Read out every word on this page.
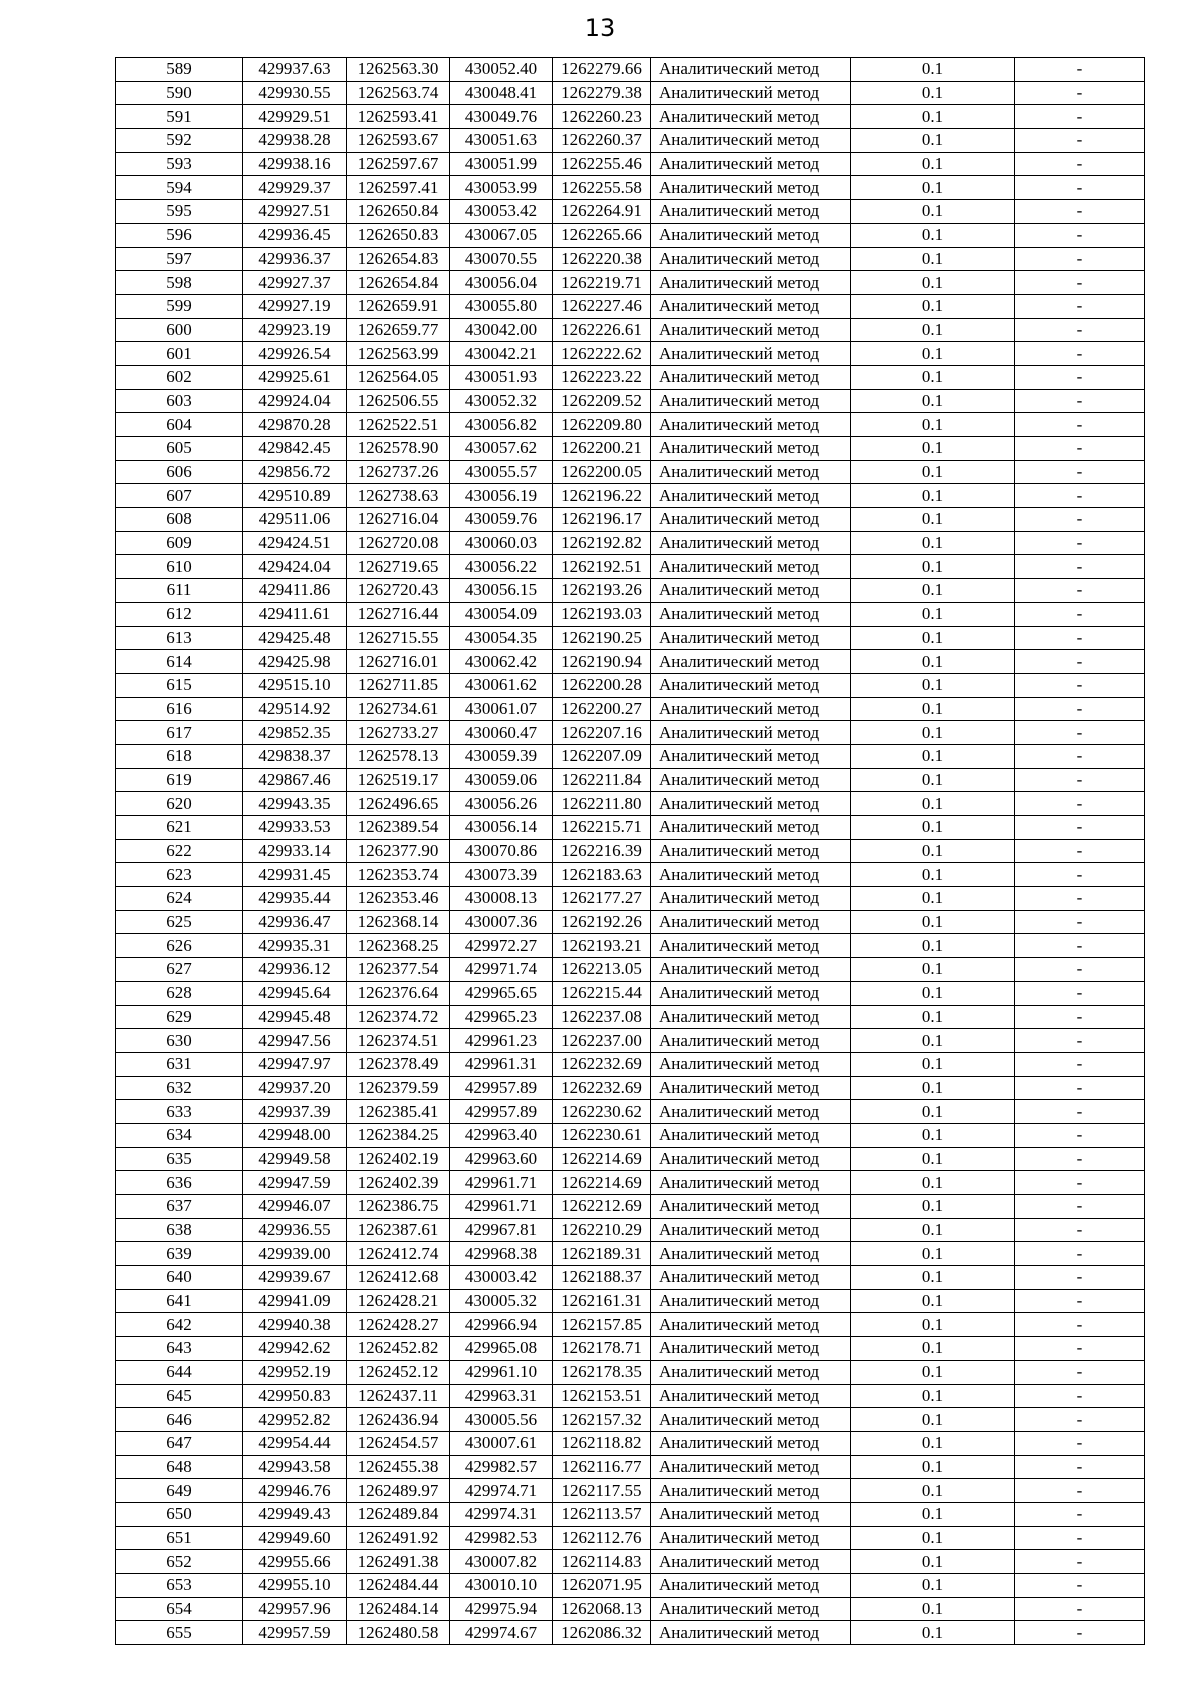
13
589	429937.63	1262563.30	430052.40	1262279.66	Аналитический метод	0.1	-
590	429930.55	1262563.74	430048.41	1262279.38	Аналитический метод	0.1	-
591	429929.51	1262593.41	430049.76	1262260.23	Аналитический метод	0.1	-
592	429938.28	1262593.67	430051.63	1262260.37	Аналитический метод	0.1	-
593	429938.16	1262597.67	430051.99	1262255.46	Аналитический метод	0.1	-
594	429929.37	1262597.41	430053.99	1262255.58	Аналитический метод	0.1	-
595	429927.51	1262650.84	430053.42	1262264.91	Аналитический метод	0.1	-
596	429936.45	1262650.83	430067.05	1262265.66	Аналитический метод	0.1	-
597	429936.37	1262654.83	430070.55	1262220.38	Аналитический метод	0.1	-
598	429927.37	1262654.84	430056.04	1262219.71	Аналитический метод	0.1	-
599	429927.19	1262659.91	430055.80	1262227.46	Аналитический метод	0.1	-
600	429923.19	1262659.77	430042.00	1262226.61	Аналитический метод	0.1	-
601	429926.54	1262563.99	430042.21	1262222.62	Аналитический метод	0.1	-
602	429925.61	1262564.05	430051.93	1262223.22	Аналитический метод	0.1	-
603	429924.04	1262506.55	430052.32	1262209.52	Аналитический метод	0.1	-
604	429870.28	1262522.51	430056.82	1262209.80	Аналитический метод	0.1	-
605	429842.45	1262578.90	430057.62	1262200.21	Аналитический метод	0.1	-
606	429856.72	1262737.26	430055.57	1262200.05	Аналитический метод	0.1	-
607	429510.89	1262738.63	430056.19	1262196.22	Аналитический метод	0.1	-
608	429511.06	1262716.04	430059.76	1262196.17	Аналитический метод	0.1	-
609	429424.51	1262720.08	430060.03	1262192.82	Аналитический метод	0.1	-
610	429424.04	1262719.65	430056.22	1262192.51	Аналитический метод	0.1	-
611	429411.86	1262720.43	430056.15	1262193.26	Аналитический метод	0.1	-
612	429411.61	1262716.44	430054.09	1262193.03	Аналитический метод	0.1	-
613	429425.48	1262715.55	430054.35	1262190.25	Аналитический метод	0.1	-
614	429425.98	1262716.01	430062.42	1262190.94	Аналитический метод	0.1	-
615	429515.10	1262711.85	430061.62	1262200.28	Аналитический метод	0.1	-
616	429514.92	1262734.61	430061.07	1262200.27	Аналитический метод	0.1	-
617	429852.35	1262733.27	430060.47	1262207.16	Аналитический метод	0.1	-
618	429838.37	1262578.13	430059.39	1262207.09	Аналитический метод	0.1	-
619	429867.46	1262519.17	430059.06	1262211.84	Аналитический метод	0.1	-
620	429943.35	1262496.65	430056.26	1262211.80	Аналитический метод	0.1	-
621	429933.53	1262389.54	430056.14	1262215.71	Аналитический метод	0.1	-
622	429933.14	1262377.90	430070.86	1262216.39	Аналитический метод	0.1	-
623	429931.45	1262353.74	430073.39	1262183.63	Аналитический метод	0.1	-
624	429935.44	1262353.46	430008.13	1262177.27	Аналитический метод	0.1	-
625	429936.47	1262368.14	430007.36	1262192.26	Аналитический метод	0.1	-
626	429935.31	1262368.25	429972.27	1262193.21	Аналитический метод	0.1	-
627	429936.12	1262377.54	429971.74	1262213.05	Аналитический метод	0.1	-
628	429945.64	1262376.64	429965.65	1262215.44	Аналитический метод	0.1	-
629	429945.48	1262374.72	429965.23	1262237.08	Аналитический метод	0.1	-
630	429947.56	1262374.51	429961.23	1262237.00	Аналитический метод	0.1	-
631	429947.97	1262378.49	429961.31	1262232.69	Аналитический метод	0.1	-
632	429937.20	1262379.59	429957.89	1262232.69	Аналитический метод	0.1	-
633	429937.39	1262385.41	429957.89	1262230.62	Аналитический метод	0.1	-
634	429948.00	1262384.25	429963.40	1262230.61	Аналитический метод	0.1	-
635	429949.58	1262402.19	429963.60	1262214.69	Аналитический метод	0.1	-
636	429947.59	1262402.39	429961.71	1262214.69	Аналитический метод	0.1	-
637	429946.07	1262386.75	429961.71	1262212.69	Аналитический метод	0.1	-
638	429936.55	1262387.61	429967.81	1262210.29	Аналитический метод	0.1	-
639	429939.00	1262412.74	429968.38	1262189.31	Аналитический метод	0.1	-
640	429939.67	1262412.68	430003.42	1262188.37	Аналитический метод	0.1	-
641	429941.09	1262428.21	430005.32	1262161.31	Аналитический метод	0.1	-
642	429940.38	1262428.27	429966.94	1262157.85	Аналитический метод	0.1	-
643	429942.62	1262452.82	429965.08	1262178.71	Аналитический метод	0.1	-
644	429952.19	1262452.12	429961.10	1262178.35	Аналитический метод	0.1	-
645	429950.83	1262437.11	429963.31	1262153.51	Аналитический метод	0.1	-
646	429952.82	1262436.94	430005.56	1262157.32	Аналитический метод	0.1	-
647	429954.44	1262454.57	430007.61	1262118.82	Аналитический метод	0.1	-
648	429943.58	1262455.38	429982.57	1262116.77	Аналитический метод	0.1	-
649	429946.76	1262489.97	429974.71	1262117.55	Аналитический метод	0.1	-
650	429949.43	1262489.84	429974.31	1262113.57	Аналитический метод	0.1	-
651	429949.60	1262491.92	429982.53	1262112.76	Аналитический метод	0.1	-
652	429955.66	1262491.38	430007.82	1262114.83	Аналитический метод	0.1	-
653	429955.10	1262484.44	430010.10	1262071.95	Аналитический метод	0.1	-
654	429957.96	1262484.14	429975.94	1262068.13	Аналитический метод	0.1	-
655	429957.59	1262480.58	429974.67	1262086.32	Аналитический метод	0.1	-
